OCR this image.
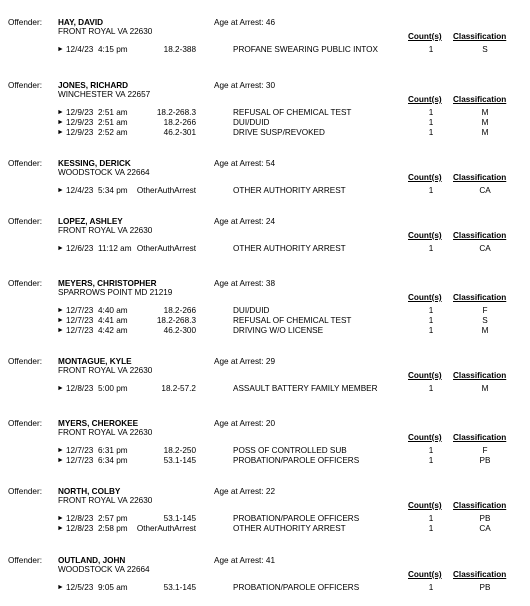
Offender: HAY, DAVID
FRONT ROYAL VA 22630
Age at Arrest: 46
Count(s) Classification
► 12/4/23 4:15 pm	18.2-388	PROFANE SWEARING PUBLIC INTOX	1	S
Offender: JONES, RICHARD
WINCHESTER VA 22657
Age at Arrest: 30
Count(s) Classification
► 12/9/23 2:51 am	18.2-268.3	REFUSAL OF CHEMICAL TEST	1	M
► 12/9/23 2:51 am	18.2-266	DUI/DUID	1	M
► 12/9/23 2:52 am	46.2-301	DRIVE SUSP/REVOKED	1	M
Offender: KESSING, DERICK
WOODSTOCK VA 22664
Age at Arrest: 54
Count(s) Classification
► 12/4/23 5:34 pm OtherAuthArrest	OTHER AUTHORITY ARREST	1	CA
Offender: LOPEZ, ASHLEY
FRONT ROYAL VA 22630
Age at Arrest: 24
Count(s) Classification
► 12/6/23 11:12 am OtherAuthArrest	OTHER AUTHORITY ARREST	1	CA
Offender: MEYERS, CHRISTOPHER
SPARROWS POINT MD 21219
Age at Arrest: 38
Count(s) Classification
► 12/7/23 4:40 am	18.2-266	DUI/DUID	1	F
► 12/7/23 4:41 am	18.2-268.3	REFUSAL OF CHEMICAL TEST	1	S
► 12/7/23 4:42 am	46.2-300	DRIVING W/O LICENSE	1	M
Offender: MONTAGUE, KYLE
FRONT ROYAL VA 22630
Age at Arrest: 29
Count(s) Classification
► 12/8/23 5:00 pm	18.2-57.2	ASSAULT BATTERY FAMILY MEMBER	1	M
Offender: MYERS, CHEROKEE
FRONT ROYAL VA 22630
Age at Arrest: 20
Count(s) Classification
► 12/7/23 6:31 pm	18.2-250	POSS OF CONTROLLED SUB	1	F
► 12/7/23 6:34 pm	53.1-145	PROBATION/PAROLE OFFICERS	1	PB
Offender: NORTH, COLBY
FRONT ROYAL VA 22630
Age at Arrest: 22
Count(s) Classification
► 12/8/23 2:57 pm	53.1-145	PROBATION/PAROLE OFFICERS	1	PB
► 12/8/23 2:58 pm OtherAuthArrest	OTHER AUTHORITY ARREST	1	CA
Offender: OUTLAND, JOHN
WOODSTOCK VA 22664
Age at Arrest: 41
Count(s) Classification
► 12/5/23 9:05 am	53.1-145	PROBATION/PAROLE OFFICERS	1	PB
